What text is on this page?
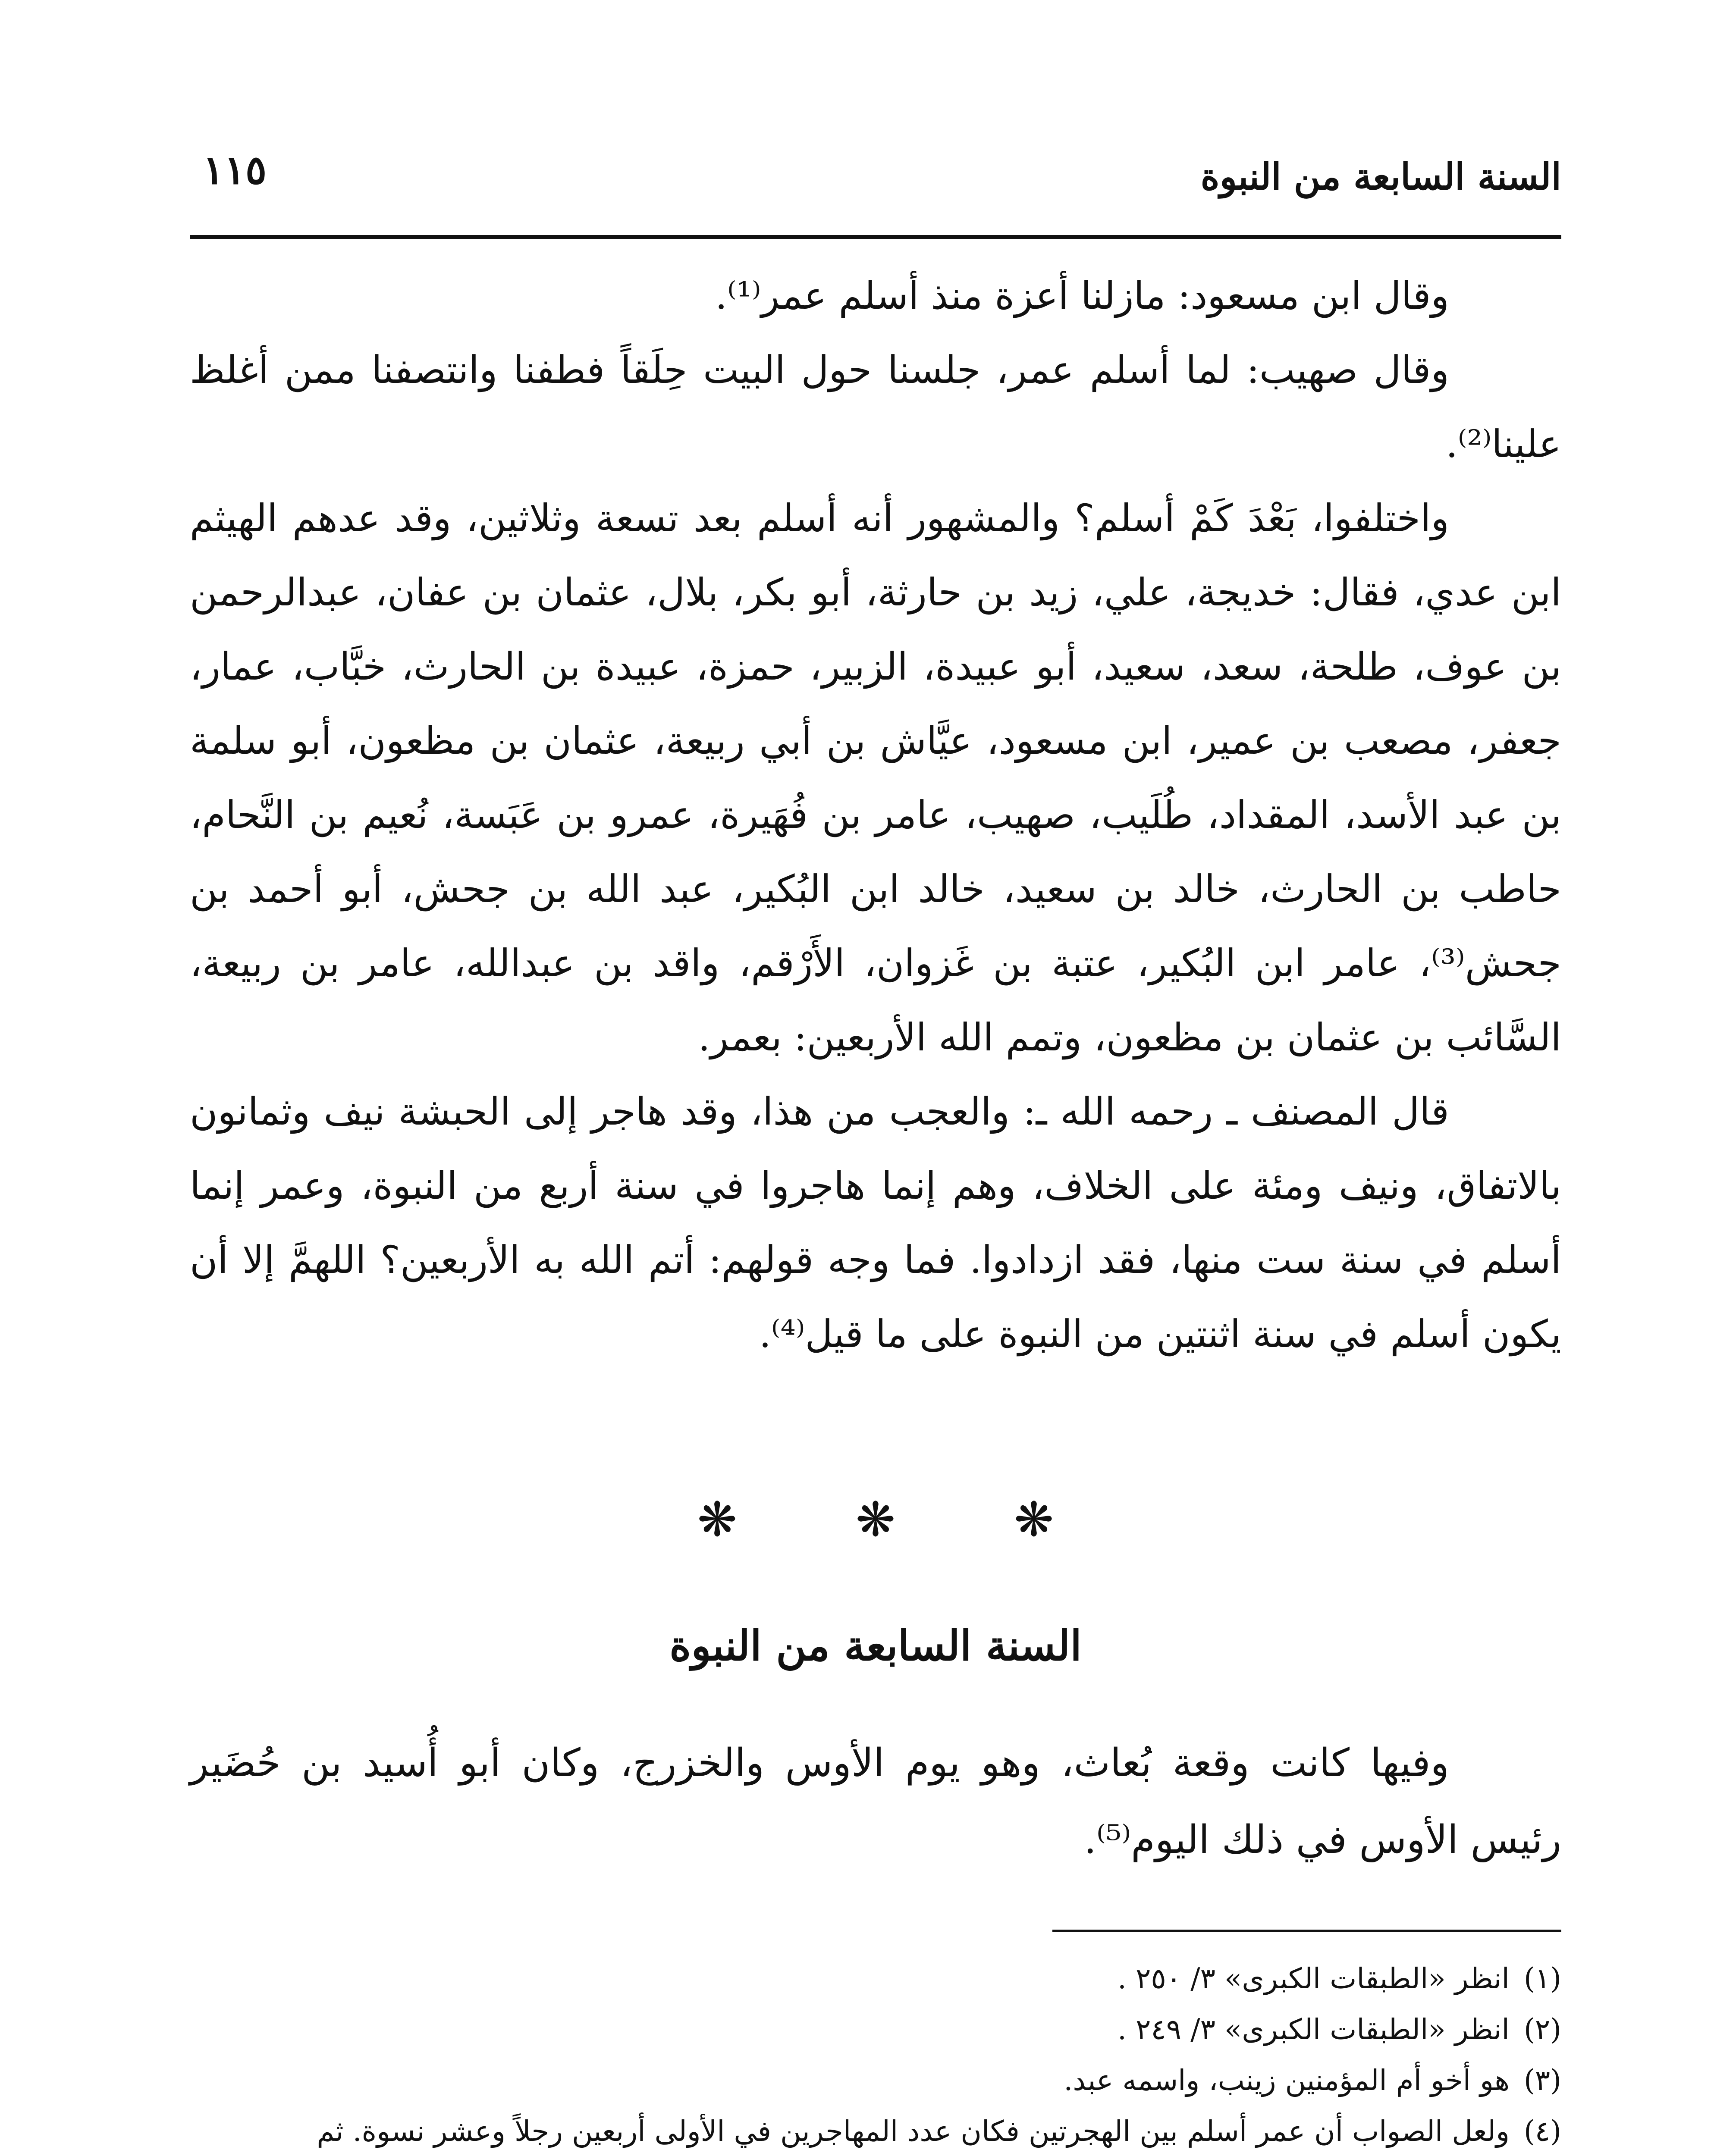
السنة السابعة من النبوة
١١٥

وقال ابن مسعود: مازلنا أعزة منذ أسلم عمر⁽¹⁾.

وقال صهيب: لما أسلم عمر، جلسنا حول البيت حِلَقاً فطفنا وانتصفنا ممن أغلظ علينا⁽²⁾.

واختلفوا، بَعْدَ كَمْ أسلم؟ والمشهور أنه أسلم بعد تسعة وثلاثين، وقد عدهم الهيثم ابن عدي، فقال: خديجة، علي، زيد بن حارثة، أبو بكر، بلال، عثمان بن عفان، عبدالرحمن بن عوف، طلحة، سعد، سعيد، أبو عبيدة، الزبير، حمزة، عبيدة بن الحارث، خبَّاب، عمار، جعفر، مصعب بن عمير، ابن مسعود، عيَّاش بن أبي ربيعة، عثمان بن مظعون، أبو سلمة بن عبد الأسد، المقداد، طُلَيب، صهيب، عامر بن فُهَيرة، عمرو بن عَبَسة، نُعيم بن النَّحام، حاطب بن الحارث، خالد بن سعيد، خالد ابن البُكير، عبد الله بن جحش، أبو أحمد بن جحش⁽³⁾، عامر ابن البُكير، عتبة بن غَزوان، الأَرْقم، واقد بن عبدالله، عامر بن ربيعة، السَّائب بن عثمان بن مظعون، وتمم الله الأربعين: بعمر.

قال المصنف ـ رحمه الله ـ: والعجب من هذا، وقد هاجر إلى الحبشة نيف وثمانون بالاتفاق، ونيف ومئة على الخلاف، وهم إنما هاجروا في سنة أربع من النبوة، وعمر إنما أسلم في سنة ست منها، فقد ازدادوا. فما وجه قولهم: أتم الله به الأربعين؟ اللهمَّ إلا أن يكون أسلم في سنة اثنتين من النبوة على ما قيل⁽⁴⁾.

❋ ❋ ❋
السنة السابعة من النبوة

وفيها كانت وقعة بُعاث، وهو يوم الأوس والخزرج، وكان أبو أُسيد بن حُضَير رئيس الأوس في ذلك اليوم⁽⁵⁾.

(١)انظر «الطبقات الكبرى» ٣/ ٢٥٠ .

(٢)انظر «الطبقات الكبرى» ٣/ ٢٤٩ .

(٣)هو أخو أم المؤمنين زينب، واسمه عبد.

(٤)ولعل الصواب أن عمر أسلم بين الهجرتين فكان عدد المهاجرين في الأولى أربعين رجلاً وعشر نسوة. ثم
